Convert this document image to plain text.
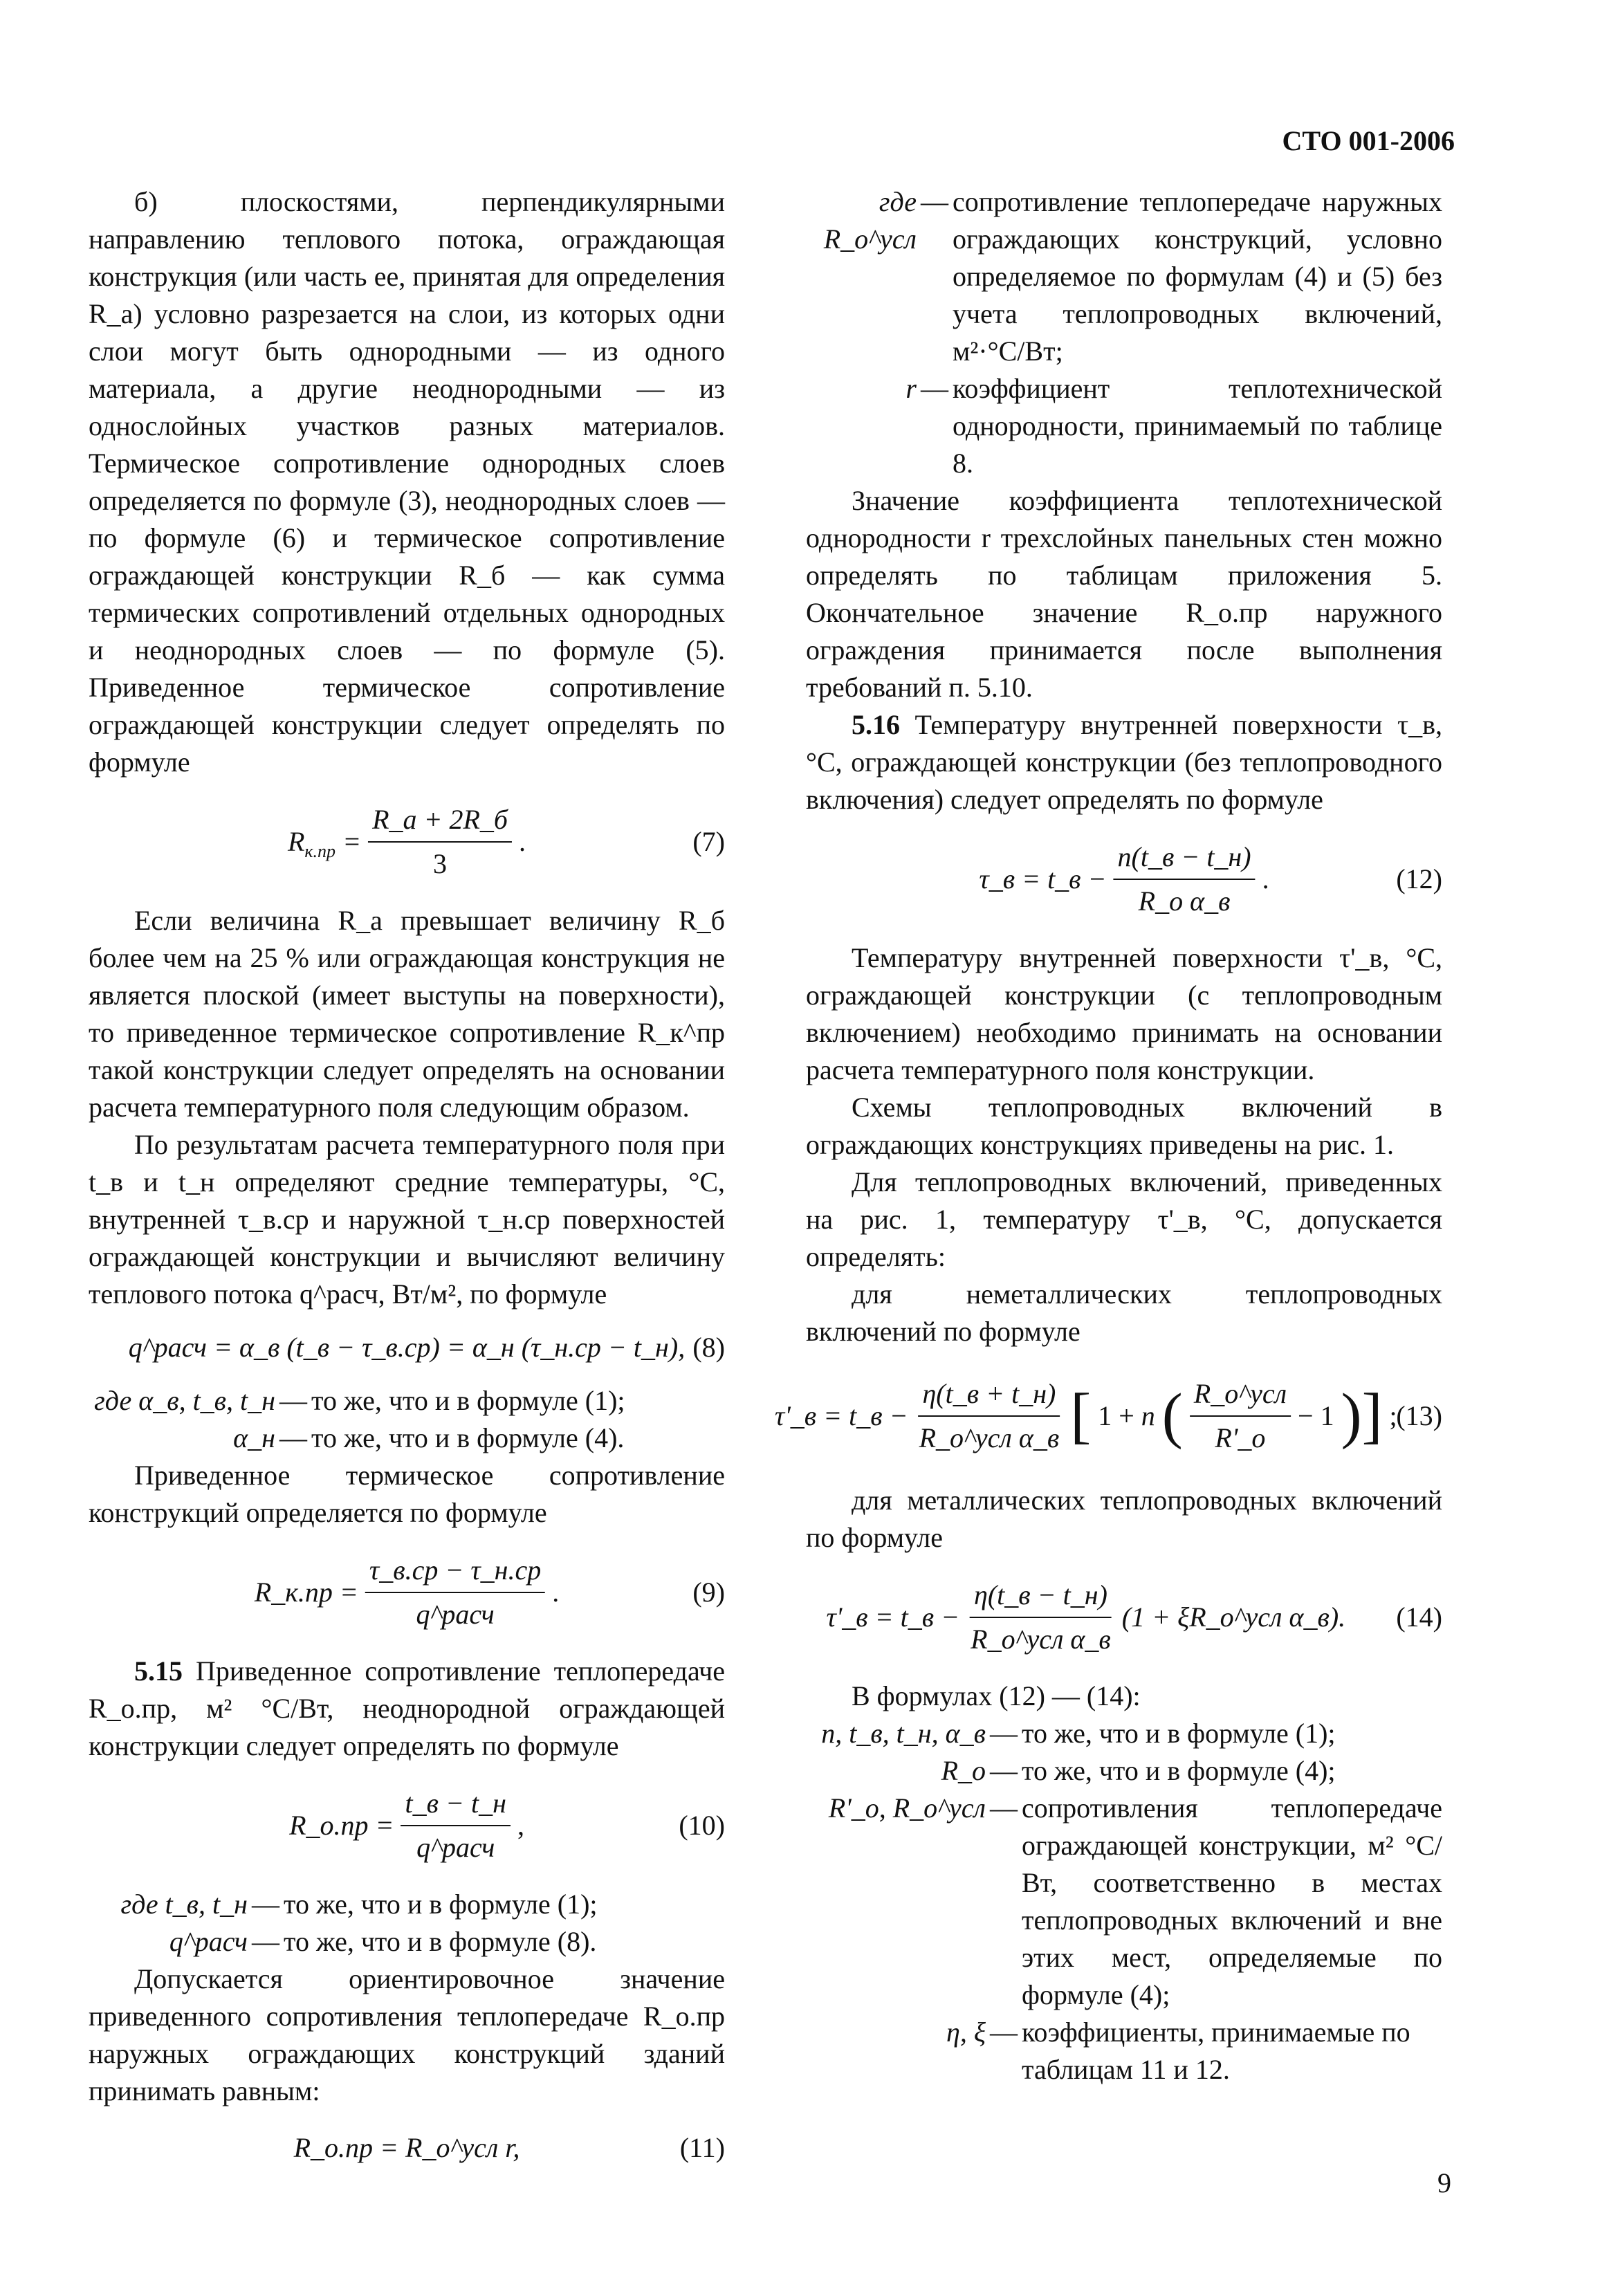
СТО 001-2006

б) плоскостями, перпендикулярными направлению теплового потока, ограждающая конструкция (или часть ее, принятая для определения R_а) условно разрезается на слои, из которых одни слои могут быть однородными — из одного материала, а другие неоднородными — из однослойных участков разных материалов. Термическое сопротивление однородных слоев определяется по формуле (3), неоднородных слоев — по формуле (6) и термическое сопротивление ограждающей конструкции R_б — как сумма термических сопротивлений отдельных однородных и неоднородных слоев — по формуле (5). Приведенное термическое сопротивление ограждающей конструкции следует определять по формуле

$R_{к.пр} = \frac{R\_а + 2R\_б}{3}$ .	(7)

Если величина R_а превышает величину R_б более чем на 25 % или ограждающая конструкция не является плоской (имеет выступы на поверхности), то приведенное термическое сопротивление R_к^пр такой конструкции следует определять на основании расчета температурного поля следующим образом.

По результатам расчета температурного поля при t_в и t_н определяют средние температуры, °С, внутренней τ_в.ср и наружной τ_н.ср поверхностей ограждающей конструкции и вычисляют величину теплового потока q^расч, Вт/м², по формуле

q^расч = α_в (t_в − τ_в.ср) = α_н (τ_н.ср − t_н), (8)
где α_в, t_в, t_н — то же, что и в формуле (1);
α_н — то же, что и в формуле (4).

Приведенное термическое сопротивление конструкций определяется по формуле

R_к.пр = $\frac{\tau\_в.ср - \tau\_н.ср}{\text{q\textasciicircum{}расч}}$ .	(9)

5.15 Приведенное сопротивление теплопередаче R_о.пр, м² °С/Вт, неоднородной ограждающей конструкции следует определять по формуле

R_о.пр = $\frac{t\_в - t\_н}{\text{q\textasciicircum{}расч}}$ ,	(10)
где t_в, t_н — то же, что и в формуле (1);
q^расч — то же, что и в формуле (8).

Допускается ориентировочное значение приведенного сопротивления теплопередаче R_о.пр наружных ограждающих конструкций зданий принимать равным:

R_о.пр = R_о^усл r,	(11)
где R_о^усл
— сопротивление теплопередаче наружных ограждающих конструкций, условно определяемое по формулам (4) и (5) без учета теплопроводных включений, м²·°С/Вт;
r — коэффициент теплотехнической однородности, принимаемый по таблице 8.

Значение коэффициента теплотехнической однородности r трехслойных панельных стен можно определять по таблицам приложения 5. Окончательное значение R_о.пр наружного ограждения принимается после выполнения требований п. 5.10.

5.16 Температуру внутренней поверхности τ_в, °С, ограждающей конструкции (без теплопроводного включения) следует определять по формуле

τ_в = t_в − $\frac{n(t\_в - t\_н)}{\text{R\_о α\_в}}$ .	(12)

Температуру внутренней поверхности τ'_в, °С, ограждающей конструкции (с теплопроводным включением) необходимо принимать на основании расчета температурного поля конструкции.

Схемы теплопроводных включений в ограждающих конструкциях приведены на рис. 1.

Для теплопроводных включений, приведенных на рис. 1, температуру τ'_в, °С, допускается определять:

для неметаллических теплопроводных включений по формуле

τ'_в = t_в − $\frac{\eta(t\_в + t\_н)}{\text{R\_о\textasciicircum{}усл α\_в}}$ [ 1 + n ( $\frac{\text{R\_о\textasciicircum{}усл}}{R'\_о} - 1$ )] ;
(13)

для металлических теплопроводных включений по формуле

τ'_в = t_в − $\frac{\eta(t\_в - t\_н)}{\text{R\_о\textasciicircum{}усл α\_в}} (1$ + ξR_о^усл α_в). (14)

В формулах (12) — (14):

n, t_в, t_н, α_в — то же, что и в формуле (1);
R_о — то же, что и в формуле (4);
R'_о, R_о^усл — сопротивления теплопередаче ограждающей конструкции, м² °С/Вт, соответственно в местах теплопроводных включений и вне этих мест, определяемые по формуле (4);
η, ξ — коэффициенты, принимаемые по таблицам 11 и 12.
9
